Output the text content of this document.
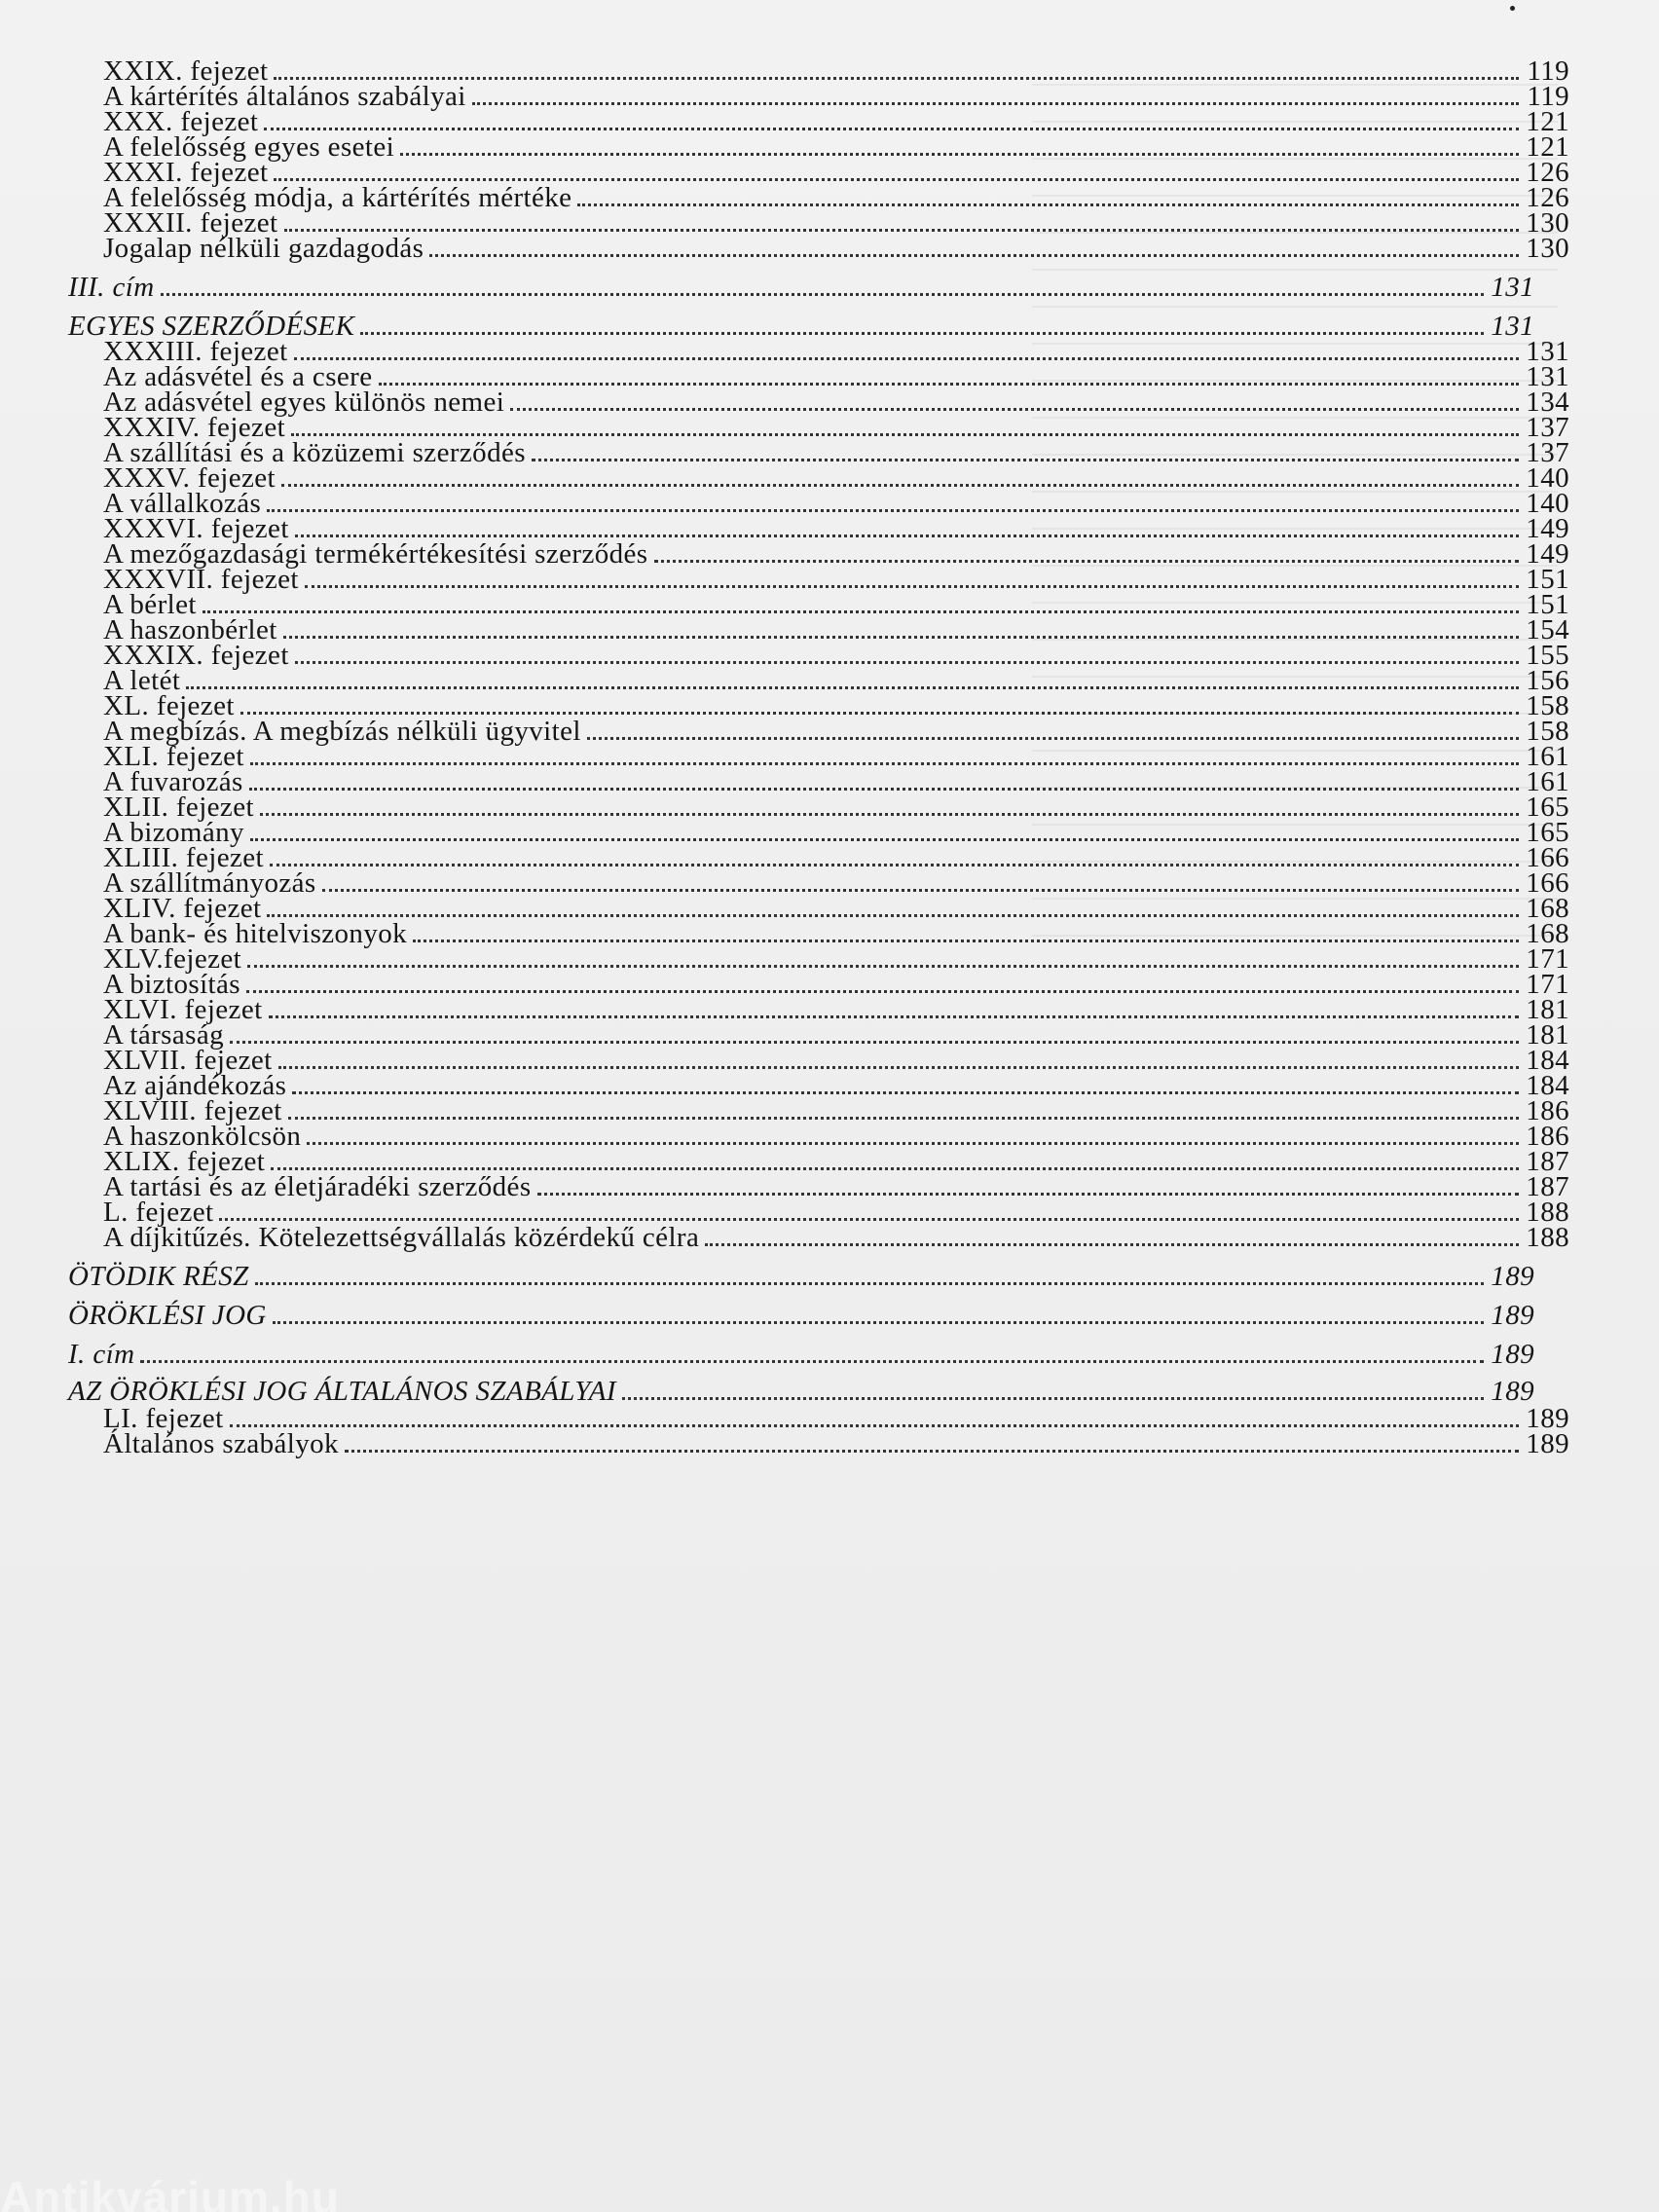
XXIX. fejezet	119
A kártérítés általános szabályai	119
XXX. fejezet	121
A felelősség egyes esetei	121
XXXI. fejezet	126
A felelősség módja, a kártérítés mértéke	126
XXXII. fejezet	130
Jogalap nélküli gazdagodás	130
III. cím	131
EGYES SZERZŐDÉSEK	131
XXXIII. fejezet	131
Az adásvétel és a csere	131
Az adásvétel egyes különös nemei	134
XXXIV. fejezet	137
A szállítási és a közüzemi szerződés	137
XXXV. fejezet	140
A vállalkozás	140
XXXVI. fejezet	149
A mezőgazdasági termékértékesítési szerződés	149
XXXVII. fejezet	151
A bérlet	151
A haszonbérlet	154
XXXIX. fejezet	155
A letét	156
XL. fejezet	158
A megbízás. A megbízás nélküli ügyvitel	158
XLI. fejezet	161
A fuvarozás	161
XLII. fejezet	165
A bizomány	165
XLIII. fejezet	166
A szállítmányozás	166
XLIV. fejezet	168
A bank- és hitelviszonyok	168
XLV.fejezet	171
A biztosítás	171
XLVI. fejezet	181
A társaság	181
XLVII. fejezet	184
Az ajándékozás	184
XLVIII. fejezet	186
A haszonkölcsön	186
XLIX. fejezet	187
A tartási és az életjáradéki szerződés	187
L. fejezet	188
A díjkitűzés. Kötelezettségvállalás közérdekű célra	188
ÖTÖDIK RÉSZ	189
ÖRÖKLÉSI JOG	189
I. cím	189
AZ ÖRÖKLÉSI JOG ÁLTALÁNOS SZABÁLYAI	189
LI. fejezet	189
Általános szabályok	189
Antikvárium.hu
